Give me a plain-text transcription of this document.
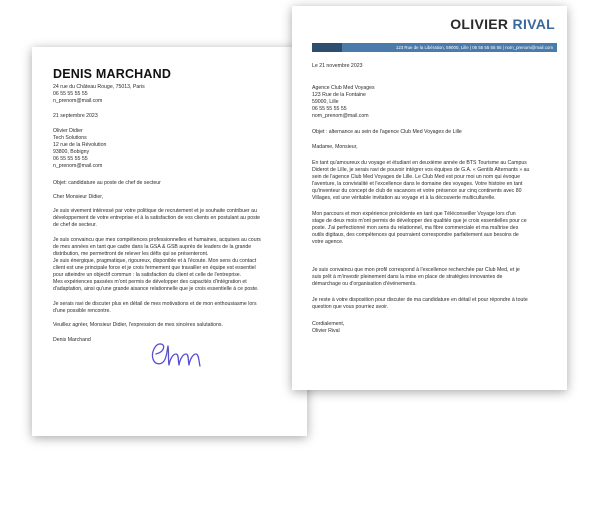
DENIS MARCHAND
24 rue du Château Rouge, 75013, Paris
06 55 55 55 55
n_prenom@mail.com
21 septembre 2023
Olivier Didier
Tech Solutions
12 rue de la Révolution
93800, Bobigny
06 55 55 55 55
n_prenom@mail.com
Objet: candidature au poste de chef de secteur
Cher Monsieur Didier,
Je suis vivement intéressé par votre politique de recrutement et je souhaite contribuer au
développement de votre entreprise et à la satisfaction de vos clients en postulant au poste
de chef de secteur.
Je suis convaincu que mes compétences professionnelles et humaines, acquises au cours
de mes années en tant que cadre dans la GSA & GSB auprès de leaders de la grande
distribution, me permettront de relever les défis qui se présenteront.
Je suis énergique, pragmatique, rigoureux, disponible et à l'écoute. Mon sens du contact
client est une principale force et je crois fermement que travailler en équipe est essentiel
pour atteindre un objectif commun : la satisfaction du client et celle de l'entreprise.
Mes expériences passées m'ont permis de développer des capacités d'intégration et
d'adaptation, ainsi qu'une grande aisance relationnelle que je crois essentielle à ce poste.
Je serais ravi de discuter plus en détail de mes motivations et de mon enthousiasme lors
d'une possible rencontre.
Veuillez agréer, Monsieur Didier, l'expression de mes sincères salutations.
Denis Marchand
OLIVIER RIVAL
123 Rue de la Libération, 59000, Lille | 06 55 55 55 55 | nom_prenom@mail.com
Le 21 novembre 2023
Agence Club Med Voyages
123 Rue de la Fontaine
59000, Lille
06 55 55 55 55
nom_prenom@mail.com
Objet : alternance au sein de l'agence Club Med Voyages de Lille
Madame, Monsieur,
En tant qu'amoureux du voyage et étudiant en deuxième année de BTS Tourisme au Campus
Diderot de Lille, je serais ravi de pouvoir intégrer vos équipes de G.A. « Gentils Alternants » au
sein de l'agence Club Med Voyages de Lille. Le Club Med est pour moi un nom qui évoque
l'aventure, la convivialité et l'excellence dans le domaine des voyages. Votre histoire en tant
qu'inventeur du concept de club de vacances et votre présence sur cinq continents avec 80
Villages, est une véritable invitation au voyage et à la découverte multiculturelle.
Mon parcours et mon expérience précédente en tant que Téléconseiller Voyage lors d'un
stage de deux mois m'ont permis de développer des qualités que je crois essentielles pour ce
poste. J'ai perfectionné mon sens du relationnel, ma fibre commerciale et ma maîtrise des
outils digitaux, des compétences qui pourraient correspondre parfaitement aux besoins de
votre agence.
Je suis convaincu que mon profil correspond à l'excellence recherchée par Club Med, et je
suis prêt à m'investir pleinement dans la mise en place de stratégies innovantes de
démarchage ou d'organisation d'événements.
Je reste à votre disposition pour discuter de ma candidature en détail et pour répondre à toute
question que vous pourriez avoir.
Cordialement,
Olivier Rival
